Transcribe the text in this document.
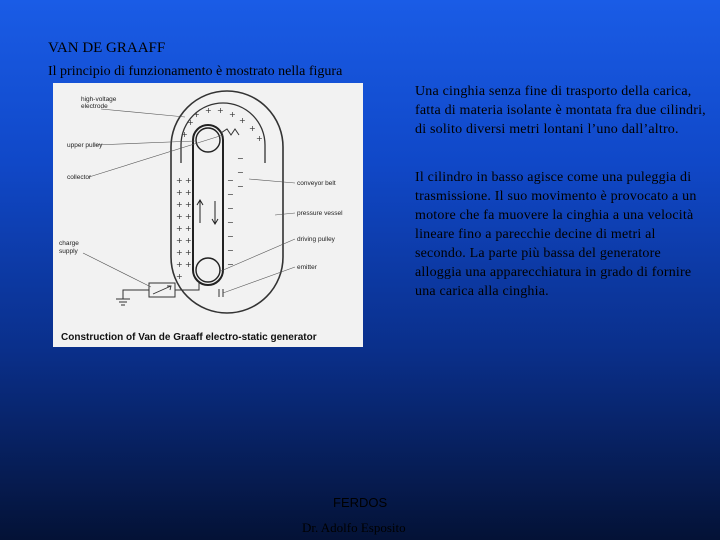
VAN DE GRAAFF
Il principio di funzionamento è mostrato nella figura
+
+
+
+
+
+
+
+
+
+
+
+
+
+
+
+
+
+ + + +
+
+
+
+
+
−
−
−
−
−
−
−
−
−
−
high-voltage
electrode
upper pulley
collector
charge
supply
conveyor belt
pressure vessel
driving pulley
emitter
Construction of Van de Graaff electro-static generator
Una cinghia senza fine di trasporto della carica, fatta di materia isolante è montata fra due cilindri, di solito diversi metri lontani l’uno dall’altro.
Il cilindro in basso agisce come una puleggia di trasmissione. Il suo movimento è provocato a un motore che fa muovere la cinghia a una velocità lineare fino a parecchie decine di metri al secondo. La parte più bassa del generatore alloggia una apparecchiatura in grado di fornire una carica alla cinghia.
FERDOS
Dr. Adolfo Esposito
